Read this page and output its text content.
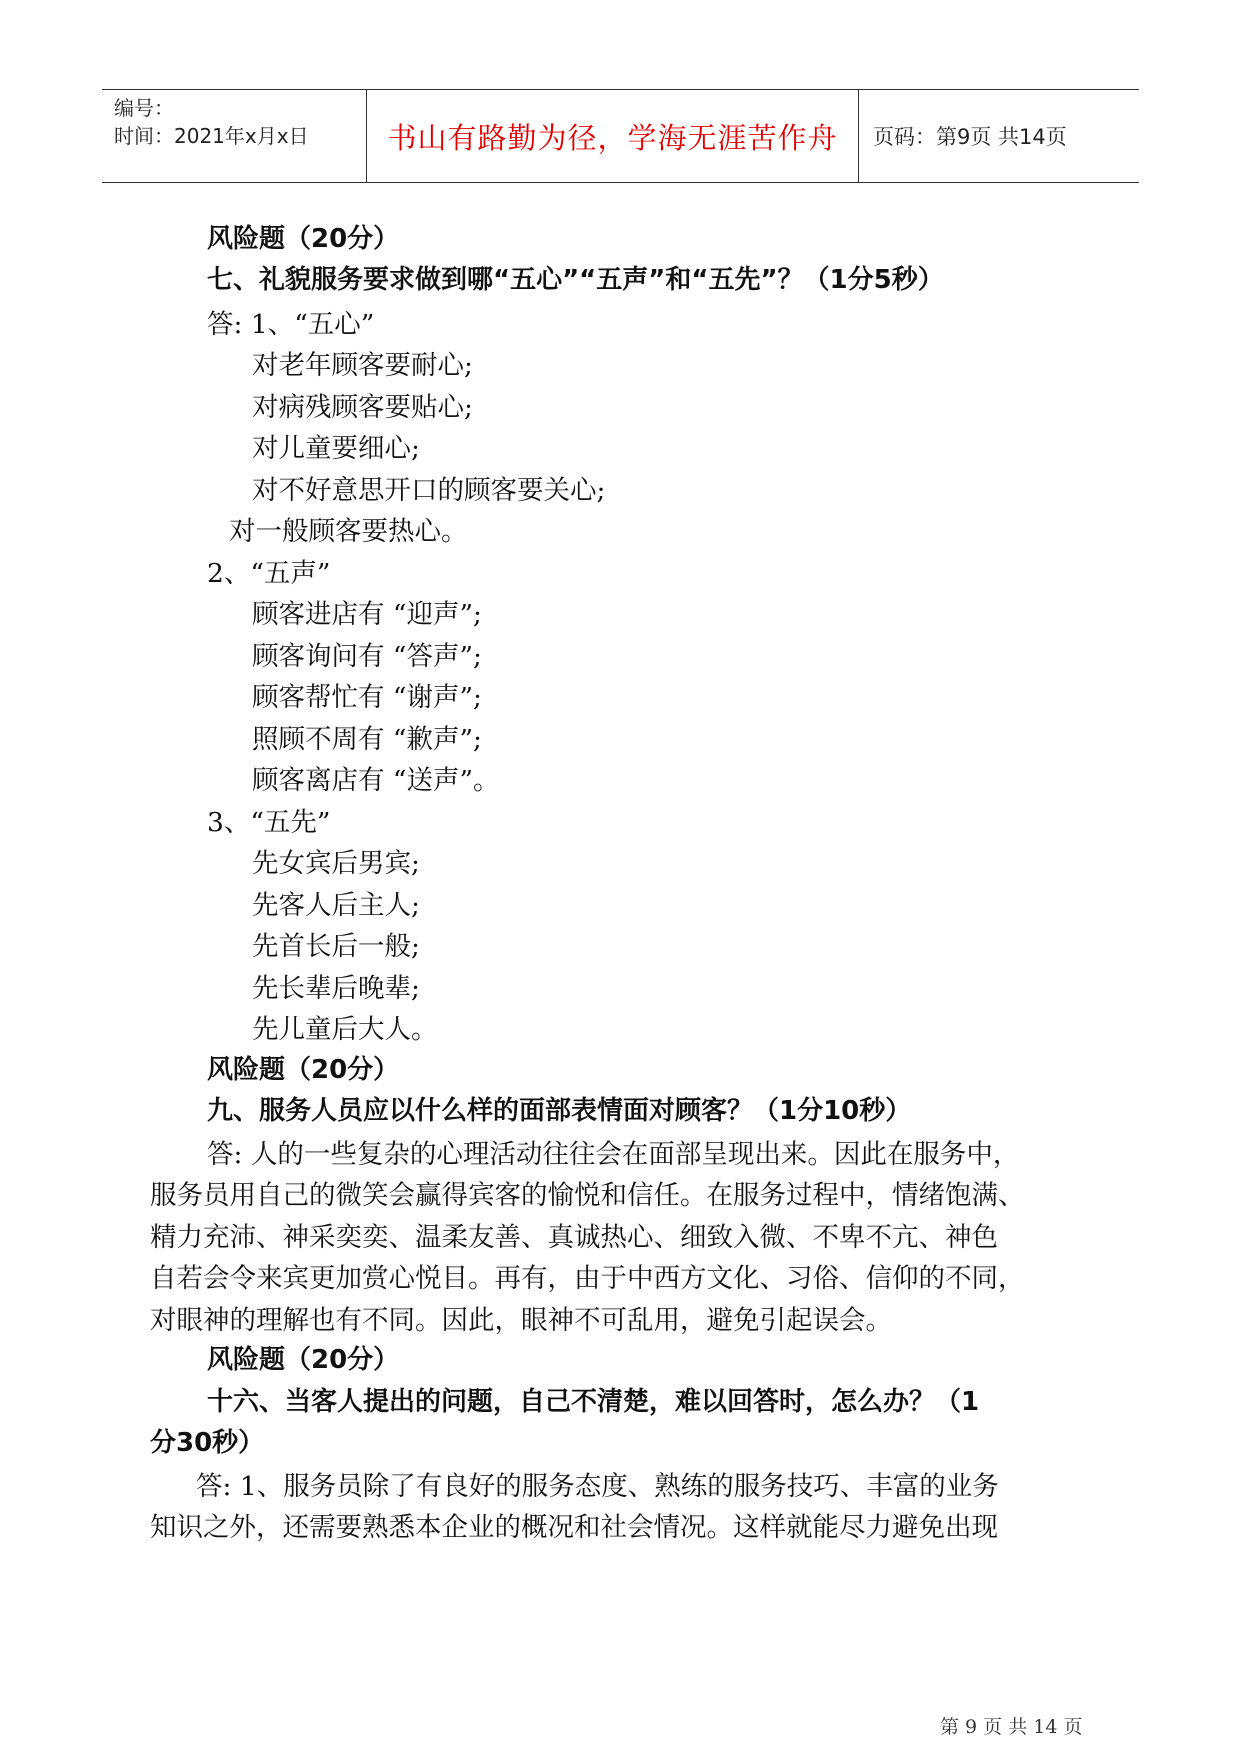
编号：
时间：2021年x月x日	书山有路勤为径，学海无涯苦作舟	页码：第9页 共14页
风险题（20分）
七、礼貌服务要求做到哪“五心”“五声”和“五先”？（1分5秒）
答: 1、“五心”
对老年顾客要耐心;
对病残顾客要贴心;
对儿童要细心;
对不好意思开口的顾客要关心;
对一般顾客要热心。
2、“五声”
顾客进店有 “迎声”;
顾客询问有 “答声”;
顾客帮忙有 “谢声”;
照顾不周有 “歉声”;
顾客离店有 “送声”。
3、“五先”
先女宾后男宾;
先客人后主人;
先首长后一般;
先长辈后晚辈;
先儿童后大人。
风险题（20分）
九、服务人员应以什么样的面部表情面对顾客？（1分10秒）
答: 人的一些复杂的心理活动往往会在面部呈现出来。因此在服务中，
服务员用自己的微笑会赢得宾客的愉悦和信任。在服务过程中，情绪饱满、
精力充沛、神采奕奕、温柔友善、真诚热心、细致入微、不卑不亢、神色
自若会令来宾更加赏心悦目。再有，由于中西方文化、习俗、信仰的不同，
对眼神的理解也有不同。因此，眼神不可乱用，避免引起误会。
风险题（20分）
十六、当客人提出的问题，自己不清楚，难以回答时，怎么办？（1
分30秒）
答: 1、服务员除了有良好的服务态度、熟练的服务技巧、丰富的业务
知识之外，还需要熟悉本企业的概况和社会情况。这样就能尽力避免出现
第 9 页 共 14 页
